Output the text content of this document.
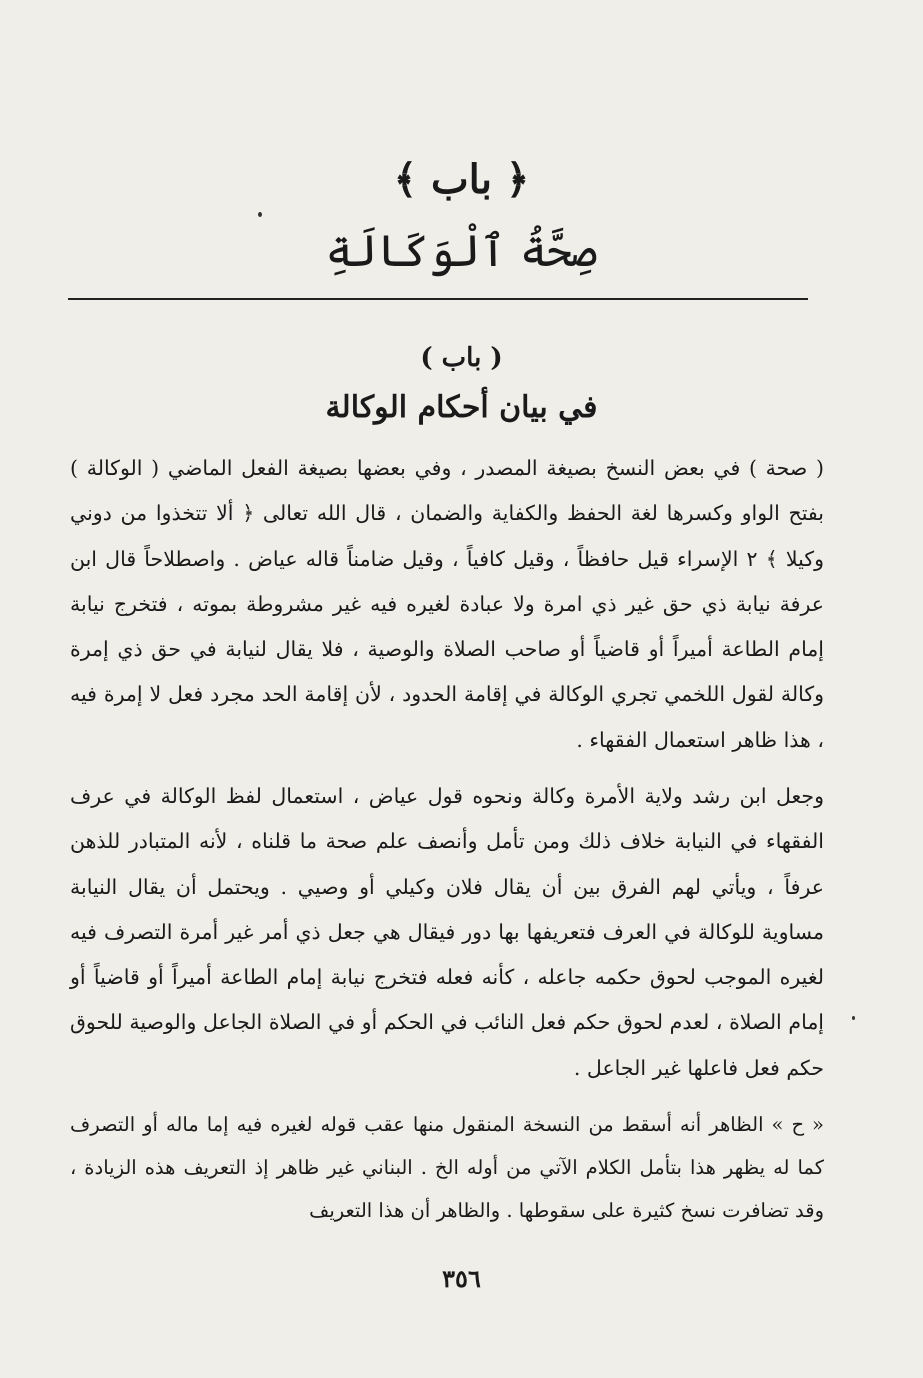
﴿ باب ﴾
صِحَّةُ ٱلْوَكَالَةِ
( باب )
في بيان أحكام الوكالة

( صحة ) في بعض النسخ بصيغة المصدر ، وفي بعضها بصيغة الفعل الماضي ( الوكالة ) بفتح الواو وكسرها لغة الحفظ والكفاية والضمان ، قال الله تعالى ﴿ ألا تتخذوا من دوني وكيلا ﴾ ٢ الإسراء قيل حافظاً ، وقيل كافياً ، وقيل ضامناً قاله عياض . واصطلاحاً قال ابن عرفة نيابة ذي حق غير ذي امرة ولا عبادة لغيره فيه غير مشروطة بموته ، فتخرج نيابة إمام الطاعة أميراً أو قاضياً أو صاحب الصلاة والوصية ، فلا يقال لنيابة في حق ذي إمرة وكالة لقول اللخمي تجري الوكالة في إقامة الحدود ، لأن إقامة الحد مجرد فعل لا إمرة فيه ، هذا ظاهر استعمال الفقهاء .

وجعل ابن رشد ولاية الأمرة وكالة ونحوه قول عياض ، استعمال لفظ الوكالة في عرف الفقهاء في النيابة خلاف ذلك ومن تأمل وأنصف علم صحة ما قلناه ، لأنه المتبادر للذهن عرفاً ، ويأتي لهم الفرق بين أن يقال فلان وكيلي أو وصيي . ويحتمل أن يقال النيابة مساوية للوكالة في العرف فتعريفها بها دور فيقال هي جعل ذي أمر غير أمرة التصرف فيه لغيره الموجب لحوق حكمه جاعله ، كأنه فعله فتخرج نيابة إمام الطاعة أميراً أو قاضياً أو إمام الصلاة ، لعدم لحوق حكم فعل النائب في الحكم أو في الصلاة الجاعل والوصية للحوق حكم فعل فاعلها غير الجاعل .

« ح » الظاهر أنه أسقط من النسخة المنقول منها عقب قوله لغيره فيه إما ماله أو التصرف كما له يظهر هذا بتأمل الكلام الآتي من أوله الخ . البناني غير ظاهر إذ التعريف هذه الزيادة ، وقد تضافرت نسخ كثيرة على سقوطها . والظاهر أن هذا التعريف

٣٥٦
